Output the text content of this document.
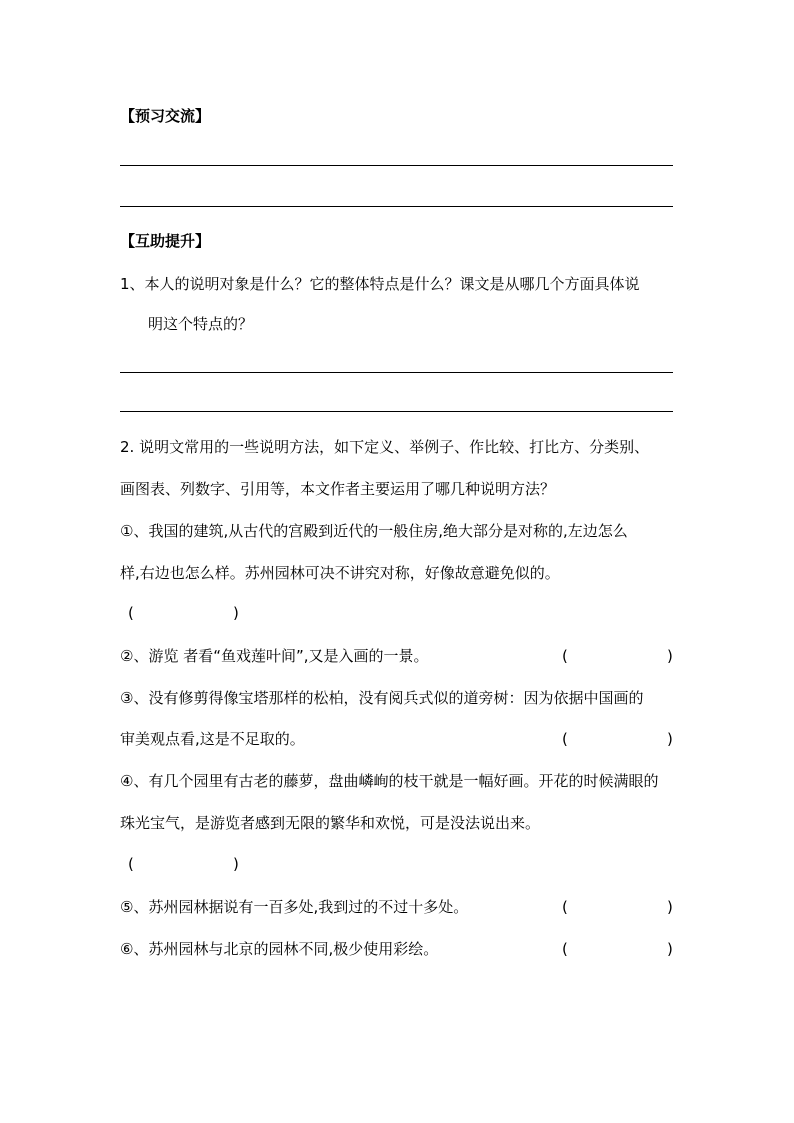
【预习交流】
【互助提升】
1、本人的说明对象是什么？它的整体特点是什么？课文是从哪几个方面具体说
明这个特点的？
2. 说明文常用的一些说明方法，如下定义、举例子、作比较、打比方、分类别、
画图表、列数字、引用等，本文作者主要运用了哪几种说明方法？
①、我国的建筑,从古代的宫殿到近代的一般住房,绝大部分是对称的,左边怎么
样,右边也怎么样。苏州园林可决不讲究对称，好像故意避免似的。
(	)
②、游览 者看“鱼戏莲叶间”,又是入画的一景。	(	)
③、没有修剪得像宝塔那样的松柏，没有阅兵式似的道旁树：因为依据中国画的
审美观点看,这是不足取的。	(	)
④、有几个园里有古老的藤萝，盘曲嶙峋的枝干就是一幅好画。开花的时候满眼的
珠光宝气，是游览者感到无限的繁华和欢悦，可是没法说出来。
(	)
⑤、苏州园林据说有一百多处,我到过的不过十多处。	(	)
⑥、苏州园林与北京的园林不同,极少使用彩绘。	(	)
